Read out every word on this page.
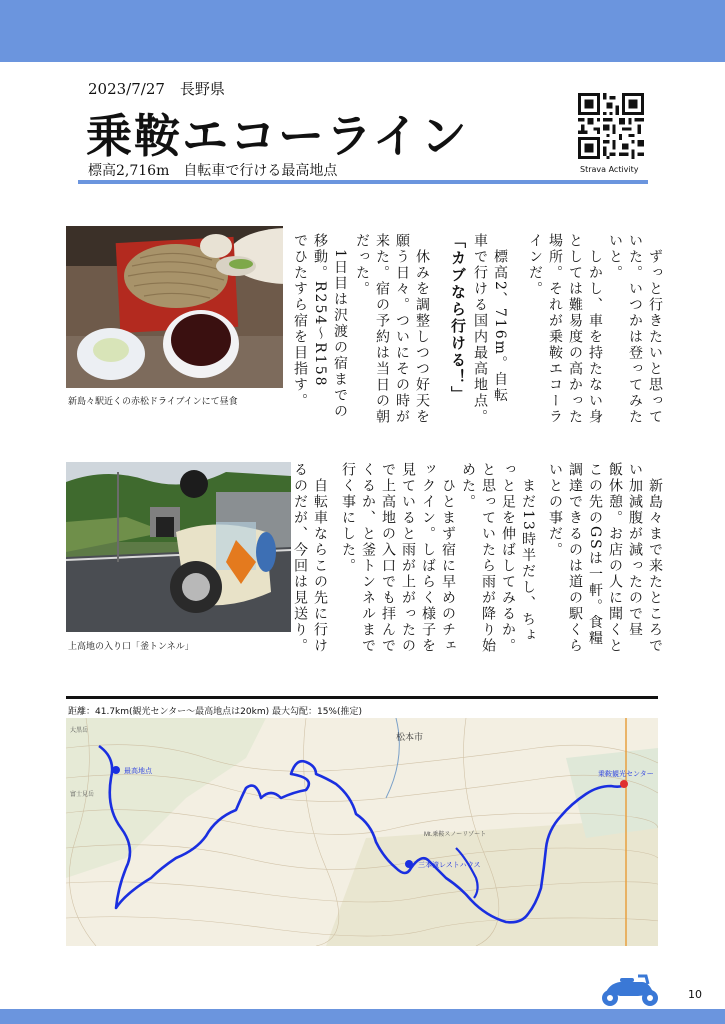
2023/7/27　長野県
乗鞍エコーライン
標高2,716m　自転車で行ける最高地点	Strava Activity
新島々駅近くの赤松ドライブインにて昼食
上高地の入り口「釜トンネル」
　ずっと行きたいと思って
いた。いつかは登ってみた
いと。
　しかし、車を持たない身
としては難易度の高かった
場所。それが乗鞍エコーラ
インだ。
　標高2、716m。自転
車で行ける国内最高地点。
「カブなら行ける！」
　休みを調整しつつ好天を
願う日々。ついにその時が
来た。宿の予約は当日の朝
だった。
　1日目は沢渡の宿までの
移動。R254～R158
でひたすら宿を目指す。
　新島々まで来たところで
い加減腹が減ったので昼
飯休憩。お店の人に聞くと
この先のGSは一軒。食糧
調達できるのは道の駅くら
いとの事だ。
　まだ13時半だし、ちょ
っと足を伸ばしてみるか。
と思っていたら雨が降り始
めた。
　ひとまず宿に早めのチェ
ックイン。しばらく様子を
見ていると雨が上がったの
で上高地の入口でも拝んで
くるか、と釜トンネルまで
行く事にした。
　自転車ならこの先に行け
るのだが、今回は見送り。
距離：41.7km(観光センター～最高地点は20km) 最大勾配：15%(推定)
最高地点
三本滝レストハウス
乗鞍観光センター
松本市
大黒岳
富士見岳
Mt.乗鞍スノーリゾート
10
